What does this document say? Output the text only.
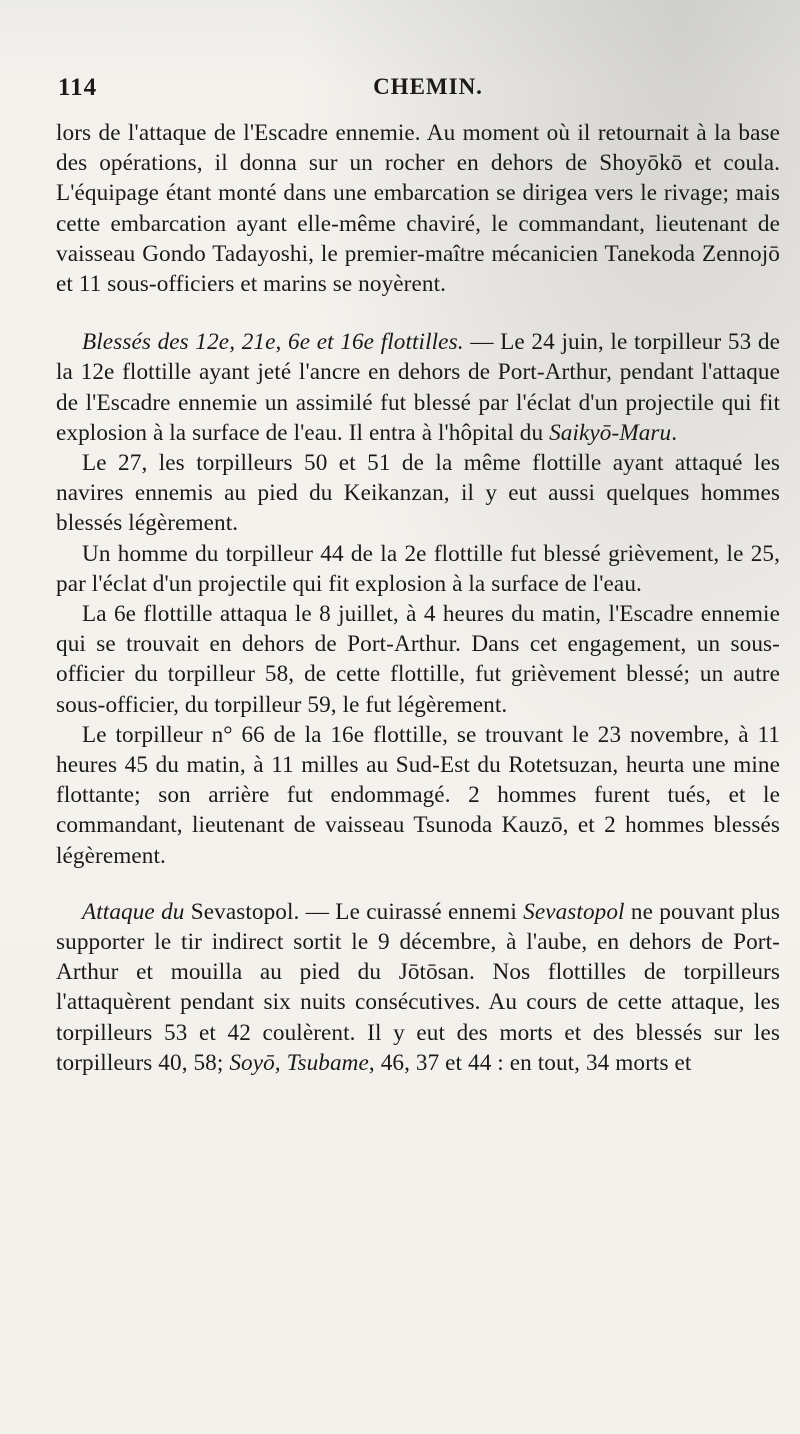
114	CHEMIN.

lors de l'attaque de l'Escadre ennemie. Au moment où il retournait à la base des opérations, il donna sur un rocher en dehors de Shoyōkō et coula. L'équipage étant monté dans une embarcation se dirigea vers le rivage; mais cette embarcation ayant elle-même chaviré, le commandant, lieutenant de vaisseau Gondo Tadayoshi, le premier-maître mécanicien Tanekoda Zennojō et 11 sous-officiers et marins se noyèrent.

Blessés des 12e, 21e, 6e et 16e flottilles. — Le 24 juin, le torpilleur 53 de la 12e flottille ayant jeté l'ancre en dehors de Port-Arthur, pendant l'attaque de l'Escadre ennemie un assimilé fut blessé par l'éclat d'un projectile qui fit explosion à la surface de l'eau. Il entra à l'hôpital du Saikyō-Maru.

Le 27, les torpilleurs 50 et 51 de la même flottille ayant attaqué les navires ennemis au pied du Keikanzan, il y eut aussi quelques hommes blessés légèrement.

Un homme du torpilleur 44 de la 2e flottille fut blessé grièvement, le 25, par l'éclat d'un projectile qui fit explosion à la surface de l'eau.

La 6e flottille attaqua le 8 juillet, à 4 heures du matin, l'Escadre ennemie qui se trouvait en dehors de Port-Arthur. Dans cet engagement, un sous-officier du torpilleur 58, de cette flottille, fut grièvement blessé; un autre sous-officier, du torpilleur 59, le fut légèrement.

Le torpilleur n° 66 de la 16e flottille, se trouvant le 23 novembre, à 11 heures 45 du matin, à 11 milles au Sud-Est du Rotetsuzan, heurta une mine flottante; son arrière fut endommagé. 2 hommes furent tués, et le commandant, lieutenant de vaisseau Tsunoda Kauzō, et 2 hommes blessés légèrement.

Attaque du Sevastopol. — Le cuirassé ennemi Sevastopol ne pouvant plus supporter le tir indirect sortit le 9 décembre, à l'aube, en dehors de Port-Arthur et mouilla au pied du Jōtōsan. Nos flottilles de torpilleurs l'attaquèrent pendant six nuits consécutives. Au cours de cette attaque, les torpilleurs 53 et 42 coulèrent. Il y eut des morts et des blessés sur les torpilleurs 40, 58; Soyō, Tsubame, 46, 37 et 44 : en tout, 34 morts et
